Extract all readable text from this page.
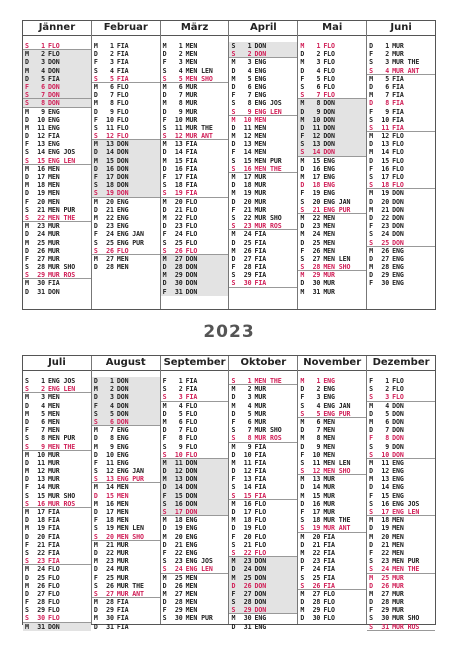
Jänner
S 1 FLO
M 2 FLO
D 3 DON
M 4 DON
D 5 FIA
F 6 DON
S 7 DON
S 8 DON
M 9 ENG
D 10 ENG
M 11 ENG
D 12 FIA
F 13 ENG
S 14 ENG JOS
S 15 ENG LEN
M 16 MEN
D 17 MEN
M 18 MEN
D 19 MEN
F 20 MEN
S 21 MEN PUR
S 22 MEN THE
M 23 MUR
D 24 MUR
M 25 MUR
D 26 MUR
F 27 MUR
S 28 MUR SHO
S 29 MUR ROS
M 30 FIA
D 31 DON
Februar
M 1 FIA
D 2 FIA
F 3 FIA
S 4 FIA
S 5 FIA
M 6 FLO
D 7 FLO
M 8 FLO
D 9 FLO
F 10 FLO
S 11 FLO
S 12 FLO
M 13 DON
D 14 DON
M 15 DON
D 16 DON
F 17 DON
S 18 DON
S 19 DON
M 20 ENG
D 21 ENG
M 22 ENG
D 23 ENG
F 24 ENG JAN
S 25 ENG PUR
S 26 FLO
M 27 MEN
D 28 MEN
März
M 1 MEN
D 2 MEN
F 3 MEN
S 4 MEN LEN
S 5 MEN SHO
M 6 MUR
D 7 MUR
M 8 MUR
D 9 MUR
F 10 MUR
S 11 MUR THE
S 12 MUR ANT
M 13 FIA
D 14 FIA
M 15 FIA
D 16 FIA
F 17 FIA
S 18 FIA
S 19 FIA
M 20 FLO
D 21 FLO
M 22 FLO
D 23 FLO
F 24 FLO
S 25 FLO
S 26 FLO
M 27 DON
D 28 DON
M 29 DON
D 30 DON
F 31 DON
April
S 1 DON
S 2 DON
M 3 ENG
D 4 ENG
M 5 ENG
D 6 ENG
F 7 ENG
S 8 ENG JOS
S 9 ENG LEN
M 10 MEN
D 11 MEN
M 12 MEN
D 13 MEN
F 14 MEN
S 15 MEN PUR
S 16 MEN THE
M 17 MUR
D 18 MUR
M 19 MUR
D 20 MUR
F 21 MUR
S 22 MUR SHO
S 23 MUR ROS
M 24 FIA
D 25 FIA
M 26 FIA
D 27 FIA
F 28 FIA
S 29 FIA
S 30 FIA
Mai
M 1 FLO
D 2 FLO
M 3 FLO
D 4 FLO
F 5 FLO
S 6 FLO
S 7 FLO
M 8 DON
D 9 DON
M 10 DON
D 11 DON
F 12 DON
S 13 DON
S 14 DON
M 15 ENG
D 16 ENG
M 17 ENG
D 18 ENG
F 19 ENG
S 20 ENG JAN
S 21 ENG PUR
M 22 MEN
D 23 MEN
M 24 MEN
D 25 MEN
F 26 MEN
S 27 MEN LEN
S 28 MEN SHO
M 29 MUR
D 30 MUR
M 31 MUR
Juni
D 1 MUR
F 2 MUR
S 3 MUR THE
S 4 MUR ANT
M 5 FIA
D 6 FIA
M 7 FIA
D 8 FIA
F 9 FIA
S 10 FIA
S 11 FIA
M 12 FLO
D 13 FLO
M 14 FLO
D 15 FLO
F 16 FLO
S 17 FLO
S 18 FLO
M 19 DON
D 20 DON
M 21 DON
D 22 DON
F 23 DON
S 24 DON
S 25 DON
M 26 ENG
D 27 ENG
M 28 ENG
D 29 ENG
F 30 ENG
2023
Juli
S 1 ENG JOS
S 2 ENG LEN
M 3 MEN
D 4 MEN
M 5 MEN
D 6 MEN
F 7 MEN
S 8 MEN PUR
S 9 MEN THE
M 10 MUR
D 11 MUR
M 12 MUR
D 13 MUR
F 14 MUR
S 15 MUR SHO
S 16 MUR ROS
M 17 FIA
D 18 FIA
M 19 FIA
D 20 FIA
F 21 FIA
S 22 FIA
S 23 FIA
M 24 FLO
D 25 FLO
M 26 FLO
D 27 FLO
F 28 FLO
S 29 FLO
S 30 FLO
M 31 DON
August
D 1 DON
M 2 DON
D 3 DON
F 4 DON
S 5 DON
S 6 DON
M 7 ENG
D 8 ENG
M 9 ENG
D 10 ENG
F 11 ENG
S 12 ENG JAN
S 13 ENG PUR
M 14 MEN
D 15 MEN
M 16 MEN
D 17 MEN
F 18 MEN
S 19 MEN LEN
S 20 MEN SHO
M 21 MUR
D 22 MUR
M 23 MUR
D 24 MUR
F 25 MUR
S 26 MUR THE
S 27 MUR ANT
M 28 FIA
D 29 FIA
M 30 FIA
D 31 FIA
September
F 1 FIA
S 2 FIA
S 3 FIA
M 4 FLO
D 5 FLO
M 6 FLO
D 7 FLO
F 8 FLO
S 9 FLO
S 10 FLO
M 11 DON
D 12 DON
M 13 DON
D 14 DON
F 15 DON
S 16 DON
S 17 DON
M 18 ENG
D 19 ENG
M 20 ENG
D 21 ENG
F 22 ENG
S 23 ENG JOS
S 24 ENG LEN
M 25 MEN
D 26 MEN
M 27 MEN
D 28 MEN
F 29 MEN
S 30 MEN PUR
Oktober
S 1 MEN THE
M 2 MUR
D 3 MUR
M 4 MUR
D 5 MUR
F 6 MUR
S 7 MUR SHO
S 8 MUR ROS
M 9 FIA
D 10 FIA
M 11 FIA
D 12 FIA
F 13 FIA
S 14 FIA
S 15 FIA
M 16 FLO
D 17 FLO
M 18 FLO
D 19 FLO
F 20 FLO
S 21 FLO
S 22 FLO
M 23 DON
D 24 DON
M 25 DON
D 26 DON
F 27 DON
S 28 DON
S 29 DON
M 30 ENG
D 31 ENG
November
M 1 ENG
D 2 ENG
F 3 ENG
S 4 ENG JAN
S 5 ENG PUR
M 6 MEN
D 7 MEN
M 8 MEN
D 9 MEN
F 10 MEN
S 11 MEN LEN
S 12 MEN SHO
M 13 MUR
D 14 MUR
M 15 MUR
D 16 MUR
F 17 MUR
S 18 MUR THE
S 19 MUR ANT
M 20 FIA
D 21 FIA
M 22 FIA
D 23 FIA
F 24 FIA
S 25 FIA
S 26 FIA
M 27 FLO
D 28 FLO
M 29 FLO
D 30 FLO
Dezember
F 1 FLO
S 2 FLO
S 3 FLO
M 4 DON
D 5 DON
M 6 DON
D 7 DON
F 8 DON
S 9 DON
S 10 DON
M 11 ENG
D 12 ENG
M 13 ENG
D 14 ENG
F 15 ENG
S 16 ENG JOS
S 17 ENG LEN
M 18 MEN
D 19 MEN
M 20 MEN
D 21 MEN
F 22 MEN
S 23 MEN PUR
S 24 MEN THE
M 25 MUR
D 26 MUR
M 27 MUR
D 28 MUR
F 29 MUR
S 30 MUR SHO
S 31 MUR ROS
